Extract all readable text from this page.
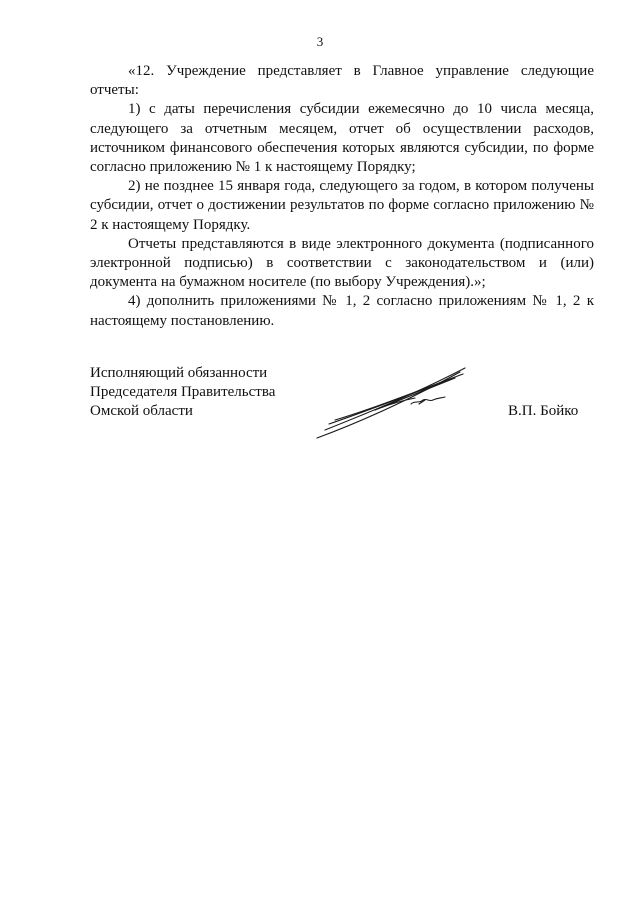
3

«12. Учреждение представляет в Главное управление следующие отчеты:

1) с даты перечисления субсидии ежемесячно до 10 числа месяца, следующего за отчетным месяцем, отчет об осуществлении расходов, источником финансового обеспечения которых являются субсидии, по форме согласно приложению № 1 к настоящему Порядку;

2) не позднее 15 января года, следующего за годом, в котором получены субсидии, отчет о достижении результатов по форме согласно приложению № 2 к настоящему Порядку.

Отчеты представляются в виде электронного документа (подписанного электронной подписью) в соответствии с законодательством и (или) документа на бумажном носителе (по выбору Учреждения).»;

4) дополнить приложениями № 1, 2 согласно приложениям № 1, 2 к настоящему постановлению.

Исполняющий обязанности
Председателя Правительства
Омской области	В.П. Бойко
